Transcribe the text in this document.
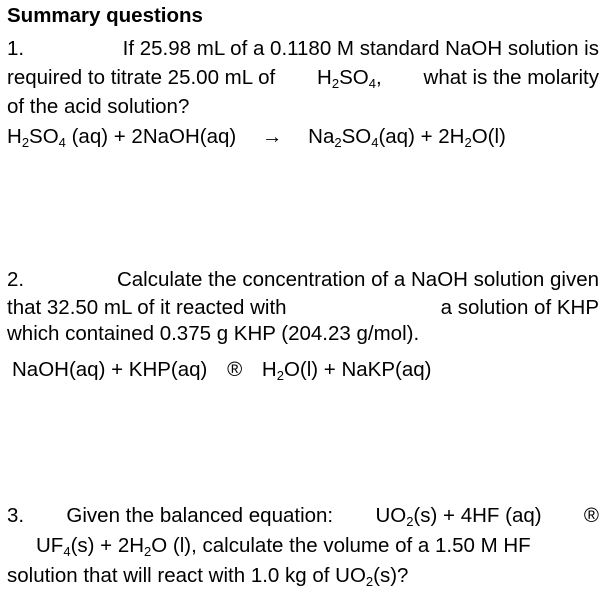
Summary questions
1.	If 25.98 mL of a 0.1180 M standard NaOH solution is
required to titrate 25.00 mL of $H_2SO_4$, what is the molarity
of the acid solution?
$H_2SO_4$ (aq) + 2NaOH(aq) → $Na_2SO_4(aq) + 2H_2O(l)$
2.	Calculate the concentration of a NaOH solution given
that 32.50 mL of it reacted with	a solution of KHP
which contained 0.375 g KHP (204.23 g/mol).
NaOH(aq) + KHP(aq) ® $H_2O(l)$ + NaKP(aq)
3. Given the balanced equation: $UO_2(s) + 4HF$ (aq) ®
$UF_4(s) + 2H_2O$ (l), calculate the volume of a 1.50 M HF
solution that will react with 1.0 kg of $UO_2(s)$?
